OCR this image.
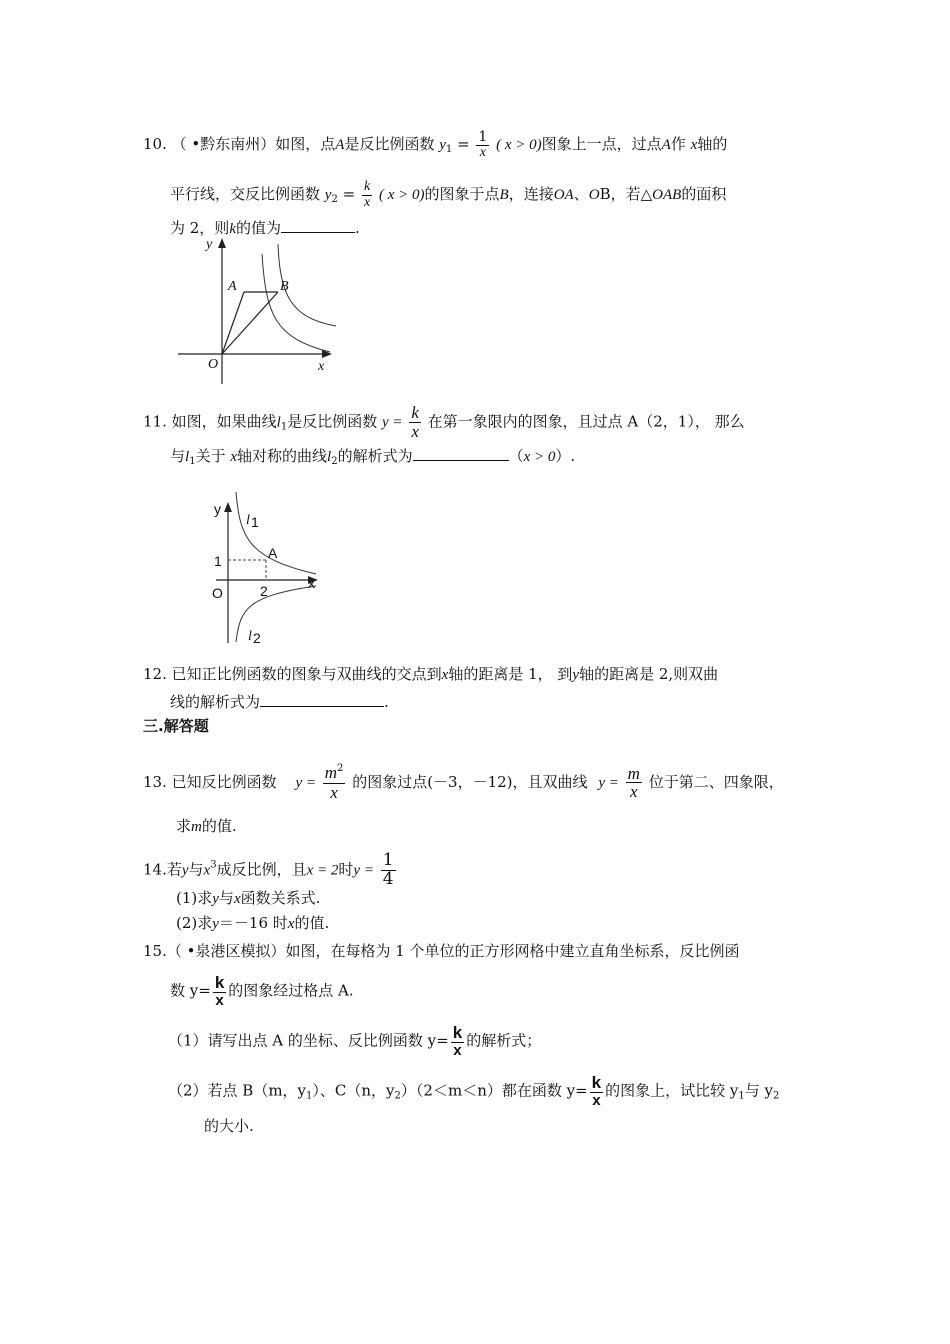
10. （ •黔东南州）如图，点A是反比例函数 $y_1 = \frac{1}{x}$ ( x > 0)图象上一点，过点A作 x轴的
平行线，交反比例函数 $y_2 = \frac{k}{x}$ ( x > 0)的图象于点B，连接OA、OB，若△OAB的面积
为 2，则k的值为	.
y
A	B
O	x
11. 如图，如果曲线$l_1$是反比例函数 $y = \frac{k}{x}$ 在第一象限内的图象，且过点 A（2，1）， 那么
与$l_1$关于 x轴对称的曲线$l_2$的解析式为	（x > 0）.
y
l 1
1	A
x
O	2
l 2
12. 已知正比例函数的图象与双曲线的交点到x轴的距离是 1， 到y轴的距离是 2,则双曲
线的解析式为	.
三.解答题
13. 已知反比例函数 $y = \frac{m^2}{x}$ 的图象过点(－3，－12)，且双曲线 $y = \frac{m}{x}$ 位于第二、四象限，
求m的值.
14.若y与$x^3$成反比例，且x = 2时$y = \frac{1}{4}$
(1)求y与x函数关系式.
(2)求y＝－16 时x的值.
15.（ •泉港区模拟）如图，在每格为 1 个单位的正方形网格中建立直角坐标系，反比例函
数 $y= \frac{k}{x}$ 的图象经过格点 A.
（1）请写出点 A 的坐标、反比例函数 $y= \frac{k}{x}$ 的解析式；
（2）若点 B（m，$y_1$）、C（n，$y_2)(2<m<n)$都在函数 $y= \frac{k}{x}$ 的图象上，试比较 $y_1$与 $y_2$
的大小.
